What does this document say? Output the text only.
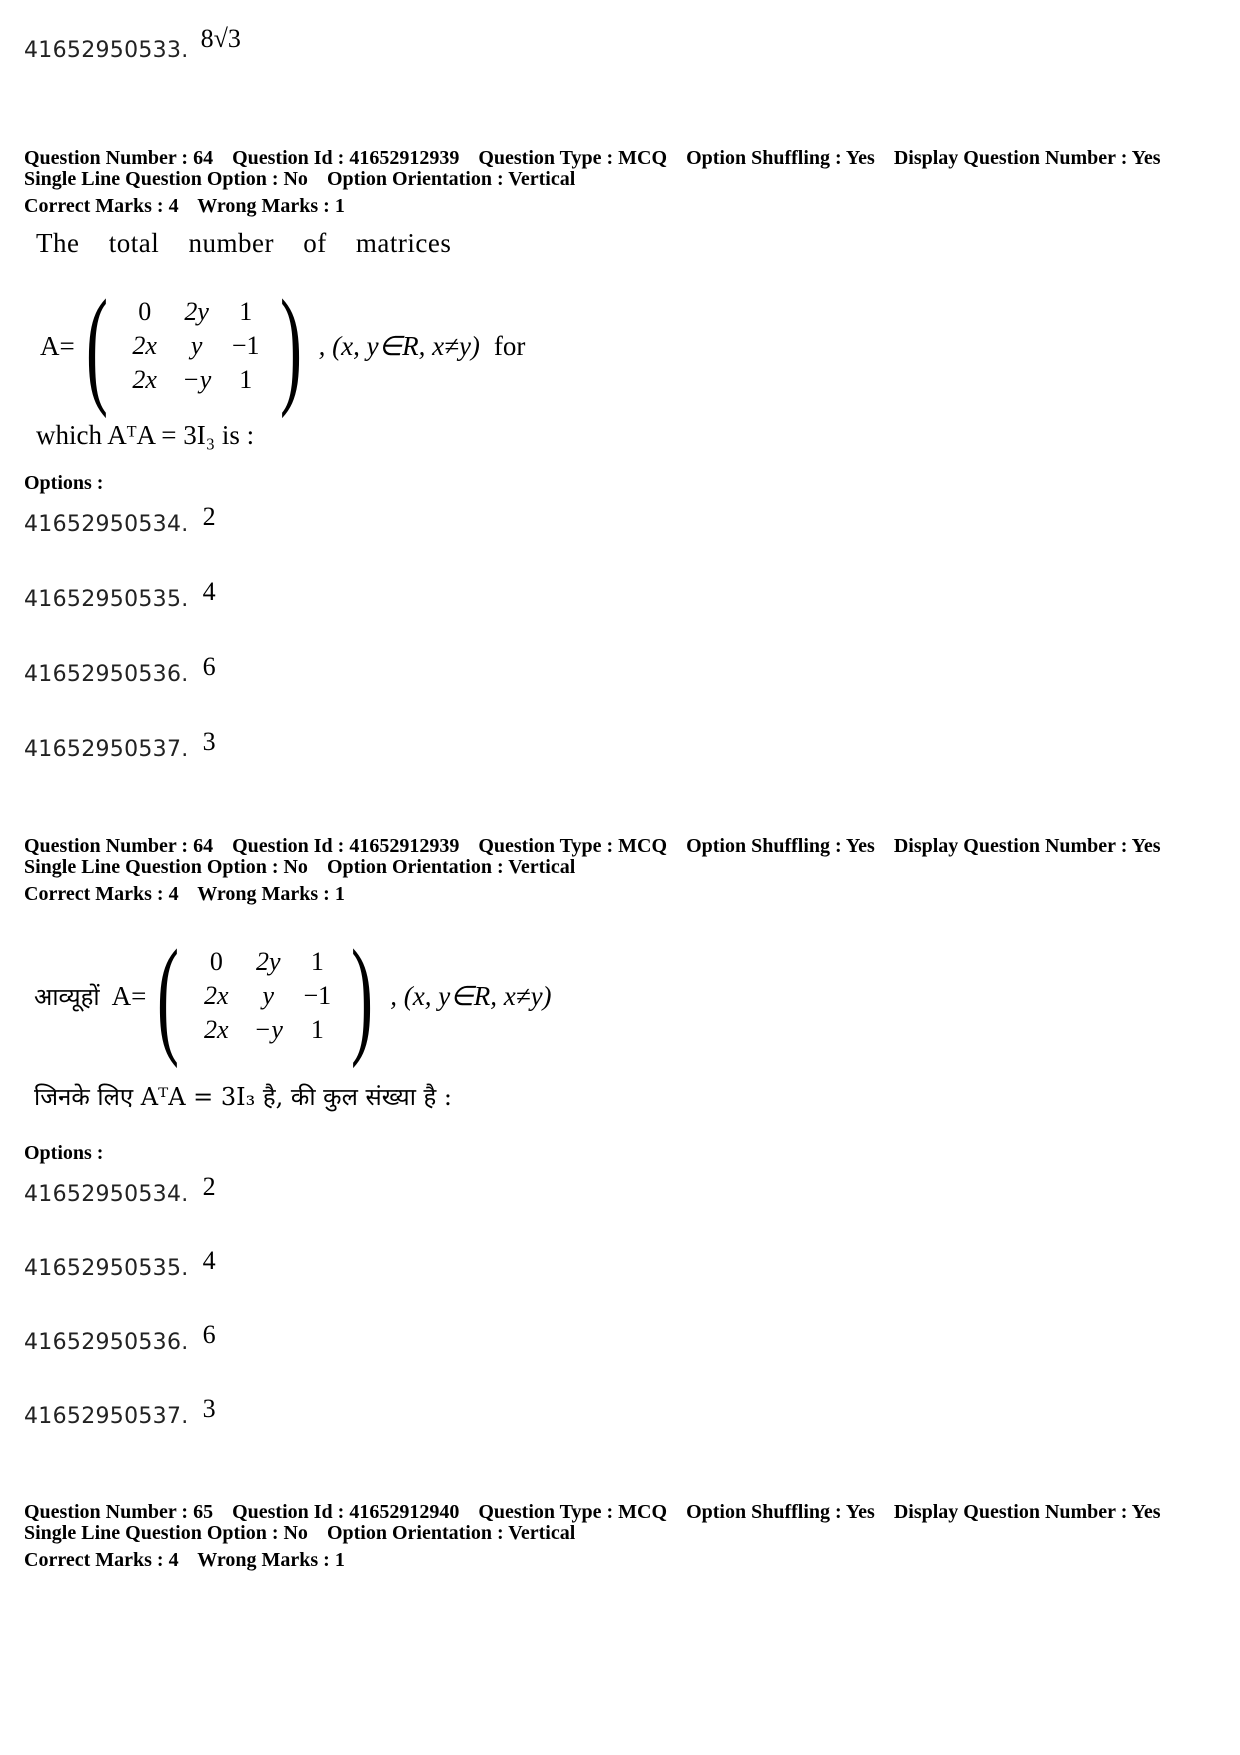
41652950533. 8√3
Question Number : 64 Question Id : 41652912939 Question Type : MCQ Option Shuffling : Yes Display Question Number : Yes
Single Line Question Option : No Option Orientation : Vertical
Correct Marks : 4 Wrong Marks : 1
The total number of matrices
A= (	0	2y	1
2x	y	−1
2x −y	1 ) , (x, y∈R, x≠y) for
which AᵀA = 3I₃ is :
Options :
41652950534. 2
41652950535. 4
41652950536. 6
41652950537. 3
Question Number : 64 Question Id : 41652912939 Question Type : MCQ Option Shuffling : Yes Display Question Number : Yes
Single Line Question Option : No Option Orientation : Vertical
Correct Marks : 4 Wrong Marks : 1
आव्यूहों A= (	0	2y	1
2x	y	−1
2x −y	1 ) , (x, y∈R, x≠y)
जिनके लिए AᵀA = 3I₃ है, की कुल संख्या है :
Options :
41652950534. 2
41652950535. 4
41652950536. 6
41652950537. 3
Question Number : 65 Question Id : 41652912940 Question Type : MCQ Option Shuffling : Yes Display Question Number : Yes
Single Line Question Option : No Option Orientation : Vertical
Correct Marks : 4 Wrong Marks : 1
